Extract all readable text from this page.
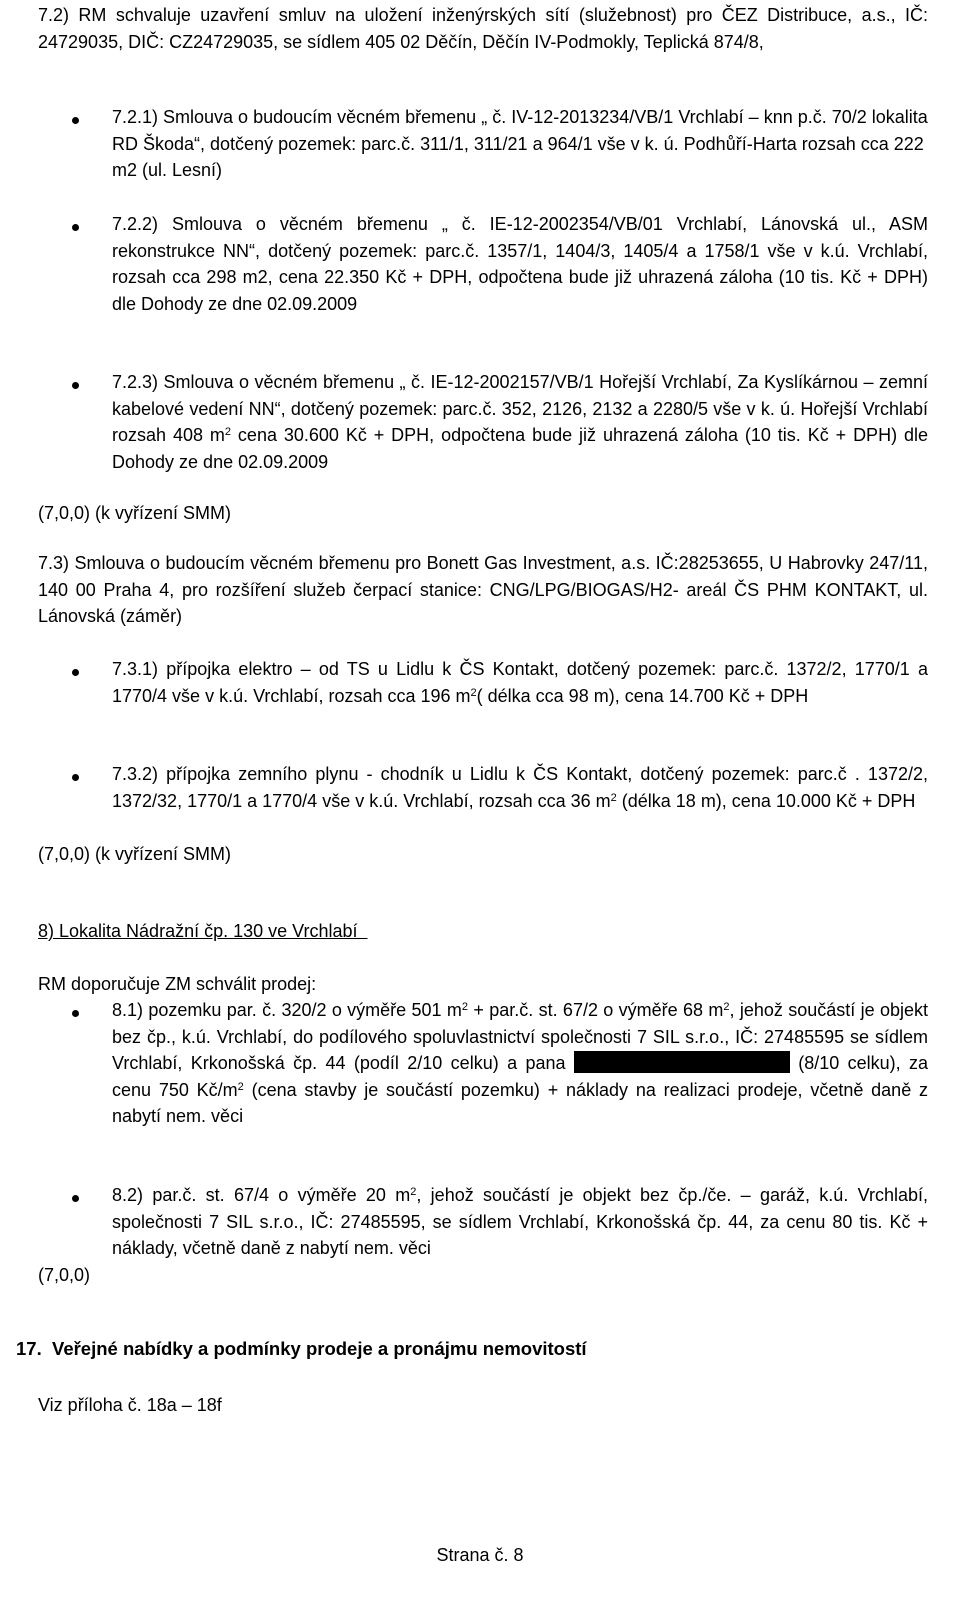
7.2) RM schvaluje uzavření smluv na uložení inženýrských sítí (služebnost) pro ČEZ Distribuce, a.s., IČ: 24729035, DIČ: CZ24729035, se sídlem 405 02 Děčín, Děčín IV-Podmokly, Teplická 874/8,

7.2.1) Smlouva o budoucím věcném břemenu „ č. IV-12-2013234/VB/1 Vrchlabí – knn p.č. 70/2 lokalita RD Škoda“, dotčený pozemek: parc.č. 311/1, 311/21 a 964/1 vše v k. ú. Podhůří-Harta rozsah cca 222 m2 (ul. Lesní)

7.2.2) Smlouva o věcném břemenu „ č. IE-12-2002354/VB/01 Vrchlabí, Lánovská ul., ASM rekonstrukce NN“, dotčený pozemek: parc.č. 1357/1, 1404/3, 1405/4 a 1758/1 vše v k.ú. Vrchlabí, rozsah cca 298 m2, cena 22.350 Kč + DPH, odpočtena bude již uhrazená záloha (10 tis. Kč + DPH) dle Dohody ze dne 02.09.2009

7.2.3) Smlouva o věcném břemenu „ č. IE-12-2002157/VB/1 Hořejší Vrchlabí, Za Kyslíkárnou – zemní kabelové vedení NN“, dotčený pozemek: parc.č. 352, 2126, 2132 a 2280/5 vše v k. ú. Hořejší Vrchlabí rozsah 408 $m^2$ cena 30.600 Kč + DPH, odpočtena bude již uhrazená záloha (10 tis. Kč + DPH) dle Dohody ze dne 02.09.2009

(7,0,0) (k vyřízení SMM)

7.3) Smlouva o budoucím věcném břemenu pro Bonett Gas Investment, a.s. IČ:28253655, U Habrovky 247/11, 140 00 Praha 4, pro rozšíření služeb čerpací stanice: CNG/LPG/BIOGAS/H2- areál ČS PHM KONTAKT, ul. Lánovská (záměr)

7.3.1) přípojka elektro – od TS u Lidlu k ČS Kontakt, dotčený pozemek: parc.č. 1372/2, 1770/1 a 1770/4 vše v k.ú. Vrchlabí, rozsah cca 196 $m^2$( délka cca 98 m), cena 14.700 Kč + DPH

7.3.2) přípojka zemního plynu - chodník u Lidlu k ČS Kontakt, dotčený pozemek: parc.č . 1372/2, 1372/32, 1770/1 a 1770/4 vše v k.ú. Vrchlabí, rozsah cca 36 $m^2$ (délka 18 m), cena 10.000 Kč + DPH

(7,0,0) (k vyřízení SMM)

8) Lokalita Nádražní čp. 130 ve Vrchlabí

RM doporučuje ZM schválit prodej:

8.1) pozemku par. č. 320/2 o výměře 501 $m^2$ + par.č. st. 67/2 o výměře 68 $m^2$, jehož součástí je objekt bez čp., k.ú. Vrchlabí, do podílového spoluvlastnictví společnosti 7 SIL s.r.o., IČ: 27485595 se sídlem Vrchlabí, Krkonošská čp. 44 (podíl 2/10 celku) a pana	(8/10 celku), za cenu 750 $Kč/m^2$ (cena stavby je součástí pozemku) + náklady na realizaci prodeje, včetně daně z nabytí nem. věci

8.2) par.č. st. 67/4 o výměře 20 $m^2$, jehož součástí je objekt bez čp./če. – garáž, k.ú. Vrchlabí, společnosti 7 SIL s.r.o., IČ: 27485595, se sídlem Vrchlabí, Krkonošská čp. 44, za cenu 80 tis. Kč + náklady, včetně daně z nabytí nem. věci

(7,0,0)

17. Veřejné nabídky a podmínky prodeje a pronájmu nemovitostí

Viz příloha č. 18a – 18f

Strana č. 8
